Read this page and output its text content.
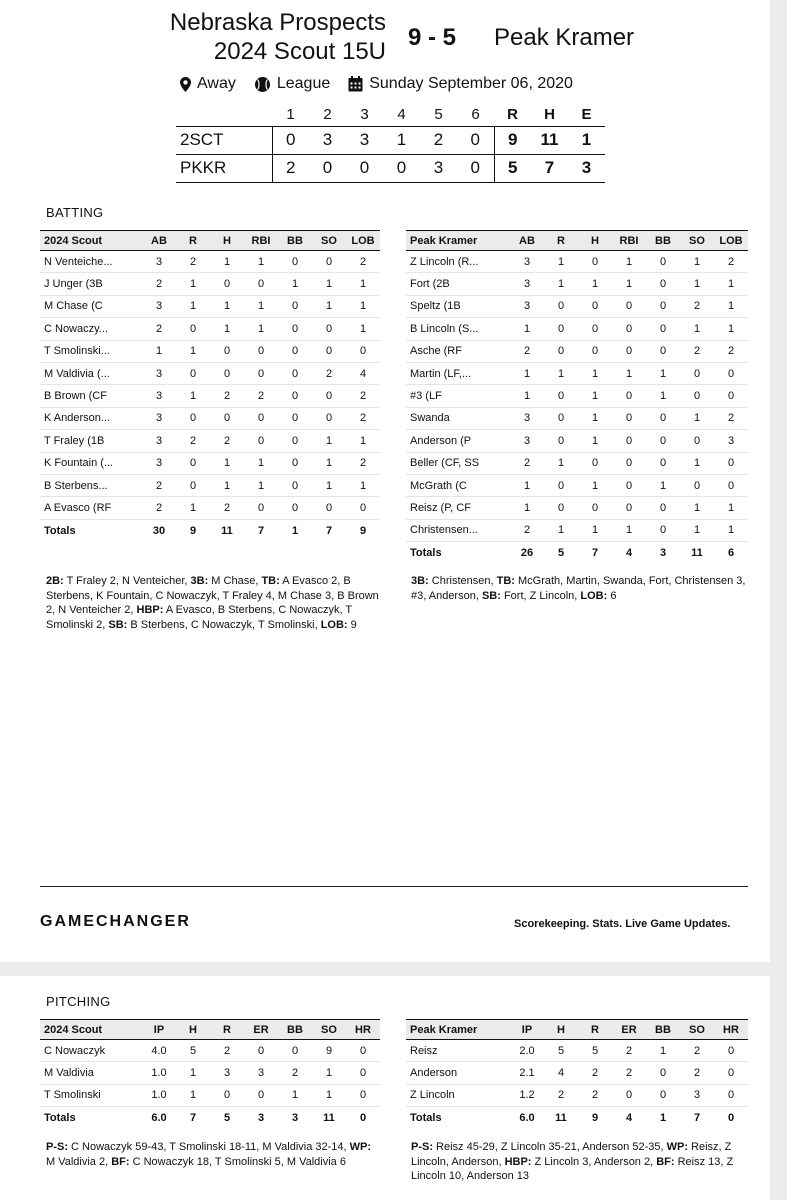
Nebraska Prospects
2024 Scout 15U
9 - 5 Peak Kramer
Away	League Sunday September 06, 2020
	1	2	3	4	5	6	R	H	E
2SCT	0	3	3	1	2	0	9	11	1
PKKR	2	0	0	0	3	0	5	7	3
BATTING
2024 Scout	AB	R	H	RBI	BB	SO	LOB
N Venteiche...	3	2	1	1	0	0	2
J Unger (3B	2	1	0	0	1	1	1
M Chase (C	3	1	1	1	0	1	1
C Nowaczy...	2	0	1	1	0	0	1
T Smolinski...	1	1	0	0	0	0	0
M Valdivia (...	3	0	0	0	0	2	4
B Brown (CF	3	1	2	2	0	0	2
K Anderson...	3	0	0	0	0	0	2
T Fraley (1B	3	2	2	0	0	1	1
K Fountain (...	3	0	1	1	0	1	2
B Sterbens...	2	0	1	1	0	1	1
A Evasco (RF	2	1	2	0	0	0	0
Totals	30	9	11	7	1	7	9
Peak Kramer	AB	R	H	RBI	BB	SO	LOB
Z Lincoln (R...	3	1	0	1	0	1	2
Fort (2B	3	1	1	1	0	1	1
Speltz (1B	3	0	0	0	0	2	1
B Lincoln (S...	1	0	0	0	0	1	1
Asche (RF	2	0	0	0	0	2	2
Martin (LF,...	1	1	1	1	1	0	0
#3 (LF	1	0	1	0	1	0	0
Swanda	3	0	1	0	0	1	2
Anderson (P	3	0	1	0	0	0	3
Beller (CF, SS	2	1	0	0	0	1	0
McGrath (C	1	0	1	0	1	0	0
Reisz (P, CF	1	0	0	0	0	1	1
Christensen...	2	1	1	1	0	1	1
Totals	26	5	7	4	3	11	6
2B: T Fraley 2, N Venteicher, 3B: M Chase, TB: A Evasco 2, B Sterbens, K Fountain, C Nowaczyk, T Fraley 4, M Chase 3, B Brown 2, N Venteicher 2, HBP: A Evasco, B Sterbens, C Nowaczyk, T Smolinski 2, SB: B Sterbens, C Nowaczyk, T Smolinski, LOB: 9
3B: Christensen, TB: McGrath, Martin, Swanda, Fort, Christensen 3, #3, Anderson, SB: Fort, Z Lincoln, LOB: 6
GAMECHANGER	Scorekeeping. Stats. Live Game Updates.
PITCHING
2024 Scout	IP	H	R	ER	BB	SO	HR
C Nowaczyk	4.0	5	2	0	0	9	0
M Valdivia	1.0	1	3	3	2	1	0
T Smolinski	1.0	1	0	0	1	1	0
Totals	6.0	7	5	3	3	11	0
Peak Kramer	IP	H	R	ER	BB	SO	HR
Reisz	2.0	5	5	2	1	2	0
Anderson	2.1	4	2	2	0	2	0
Z Lincoln	1.2	2	2	0	0	3	0
Totals	6.0	11	9	4	1	7	0
P-S: C Nowaczyk 59-43, T Smolinski 18-11, M Valdivia 32-14, WP: M Valdivia 2, BF: C Nowaczyk 18, T Smolinski 5, M Valdivia 6
P-S: Reisz 45-29, Z Lincoln 35-21, Anderson 52-35, WP: Reisz, Z Lincoln, Anderson, HBP: Z Lincoln 3, Anderson 2, BF: Reisz 13, Z Lincoln 10, Anderson 13
